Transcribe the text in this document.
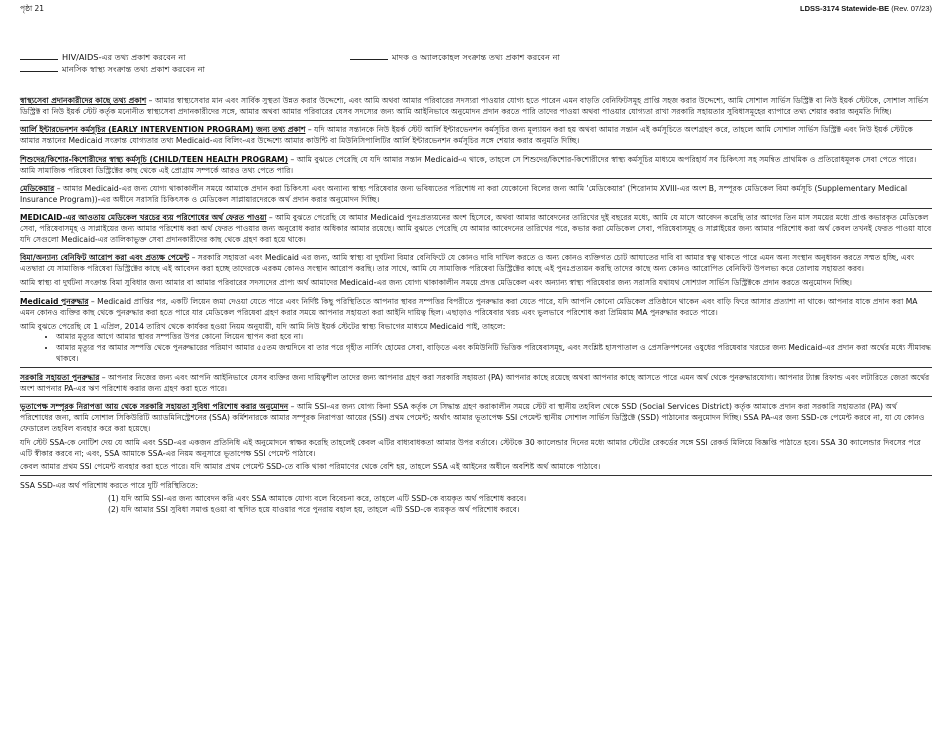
পৃষ্ঠা 21	LDSS-3174 Statewide-BE (Rev. 07/23)
HIV/AIDS-এর তথ্য প্রকাশ করবেন না	মাদক ও অ্যালকোহল সংক্রান্ত তথ্য প্রকাশ করবেন না
মানসিক স্বাস্থ্য সংক্রান্ত তথ্য প্রকাশ করবেন না

স্বাস্থ্যসেবা প্রদানকারীদের কাছে তথ্য প্রকাশ – আমার স্বাস্থ্যসেবার মান এবং সার্বিক সুস্থতা উন্নত করার উদ্দেশ্যে, এবং আমি অথবা আমার পরিবারের সদস্যরা পাওয়ার যোগ্য হতে পারেন এমন বাড়তি বেনিফিটসমূহ প্রাপ্তি সহজ করার উদ্দেশ্যে, আমি সোশাল সার্ভিস ডিস্ট্রিক্ট বা নিউ ইয়র্ক স্টেটকে, সোশাল সার্ভিস ডিস্ট্রিক্ট বা নিউ ইয়র্ক স্টেট কর্তৃক মনোনীত স্বাস্থ্যসেবা প্রদানকারীদের সঙ্গে, আমার অথবা আমার পরিবারের যেসব সদস্যের জন্য আমি আইনিভাবে অনুমোদন প্রদান করতে পারি তাদের পাওয়া অথবা পাওয়ার যোগ্যতা রাখা সরকারি সহায়তার সুবিধাসমূহের ব্যাপারে তথ্য শেয়ার করার অনুমতি দিচ্ছি।

আর্লি ইন্টারভেনশন কর্মসূচির (EARLY INTERVENTION PROGRAM) জন্য তথ্য প্রকাশ – যদি আমার সন্তানকে নিউ ইয়র্ক স্টেট আর্লি ইন্টারভেনশন কর্মসূচির জন্য মূল্যায়ন করা হয় অথবা আমার সন্তান এই কর্মসূচিতে অংশগ্রহণ করে, তাহলে আমি সোশাল সার্ভিস ডিস্ট্রিক্ট এবং নিউ ইয়র্ক স্টেটকে আমার সন্তানের Medicaid সংক্রান্ত যোগ্যতার তথ্য Medicaid-এর বিলিং-এর উদ্দেশ্যে আমার কাউন্টি বা মিউনিসিপালিটির আর্লি ইন্টারভেনশন কর্মসূচির সঙ্গে শেয়ার করার অনুমতি দিচ্ছি।

শিশুদের/কিশোর-কিশোরীদের স্বাস্থ্য কর্মসূচি (CHILD/TEEN HEALTH PROGRAM) – আমি বুঝতে পেরেছি যে যদি আমার সন্তান Medicaid-এ থাকে, তাহলে সে শিশুদের/কিশোর-কিশোরীদের স্বাস্থ্য কর্মসূচির মাধ্যমে অপরিহার্য সব চিকিৎসা সহ সমন্বিত প্রাথমিক ও প্রতিরোধমূলক সেবা পেতে পারে। আমি সামাজিক পরিষেবা ডিস্ট্রিক্টের কাছ থেকে এই প্রোগ্রাম সম্পর্কে আরও তথ্য পেতে পারি।

মেডিকেয়ার – আমার Medicaid-এর জন্য যোগ্য থাকাকালীন সময়ে আমাকে প্রদান করা চিকিৎসা এবং অন্যান্য স্বাস্থ্য পরিষেবার জন্য ভবিষ্যতের পরিশোধ না করা যেকোনো বিলের জন্য আমি 'মেডিকেয়ার' (শিরোনাম XVIII-এর অংশ B, সম্পূরক মেডিকেল বিমা কর্মসূচি (Supplementary Medical Insurance Program))-এর অধীনে সরাসরি চিকিৎসক ও মেডিকেল সাপ্লায়ারদেরকে অর্থ প্রদান করার অনুমোদন দিচ্ছি।

MEDICAID-এর আওতায় মেডিকেল খরচের ব্যয় পরিশোধের অর্থ ফেরত পাওয়া – আমি বুঝতে পেরেছি যে আমার Medicaid পুনঃপ্রত্যয়নের অংশ হিসেবে, অথবা আমার আবেদনের তারিখের দুই বছরের মধ্যে, আমি যে মাসে আবেদন করেছি তার আগের তিন মাস সময়ের মধ্যে প্রাপ্ত কভারকৃত মেডিকেল সেবা, পরিষেবাসমূহ ও সাপ্লাইয়ের জন্য আমার পরিশোধ করা অর্থ ফেরত পাওয়ার জন্য অনুরোধ করার অধিকার আমার রয়েছে। আমি বুঝতে পেরেছি যে আমার আবেদনের তারিখের পরে, কভার করা মেডিকেল সেবা, পরিষেবাসমূহ ও সাপ্লাইয়ের জন্য আমার পরিশোধ করা অর্থ কেবল তখনই ফেরত পাওয়া যাবে যদি সেগুলো Medicaid-এর তালিকাভুক্ত সেবা প্রদানকারীদের কাছ থেকে গ্রহণ করা হয়ে থাকে।

বিমা/অন্যান্য বেনিফিট আরোপ করা এবং প্রত্যক্ষ পেমেন্ট – সরকারি সহায়তা এবং Medicaid এর জন্য, আমি স্বাস্থ্য বা দুর্ঘটনা বিমার বেনিফিটে যে কোনও দাবি দাখিল করতে ও অন্য কোনও ব্যক্তিগত চোট আঘাতের দাবি বা আমার স্বত্ব থাকতে পারে এমন অন্য সংস্থান অনুধাবন করতে সম্মত হচ্ছি, এবং এতদ্বারা যে সামাজিক পরিষেবা ডিস্ট্রিক্টের কাছে এই আবেদন করা হচ্ছে তাদেরকে এরকম কোনও সংস্থান আরোপ করছি। তার সাথে, আমি যে সামাজিক পরিষেবা ডিস্ট্রিক্টের কাছে এই পুনঃপ্রত্যয়ন করছি তাদের কাছে অন্য কোনও আরোপিত বেনিফিট উপলভ্য করে তোলায় সহায়তা করব।

আমি স্বাস্থ্য বা দুর্ঘটনা সংক্রান্ত বিমা সুবিধার জন্য আমার বা আমার পরিবারের সদস্যদের প্রাপ্য অর্থ আমাদের Medicaid-এর জন্য যোগ্য থাকাকালীন সময়ে প্রদত্ত মেডিকেল এবং অন্যান্য স্বাস্থ্য পরিষেবার জন্য সরাসরি যথাযথ সোশ্যাল সার্ভিস ডিস্ট্রিক্টকে প্রদান করতে অনুমোদন দিচ্ছি।

Medicaid পুনরুদ্ধার – Medicaid প্রাপ্তির পর, একটি লিয়েন জমা দেওয়া যেতে পারে এবং নির্দিষ্ট কিছু পরিস্থিতিতে আপনার স্থাবর সম্পত্তির বিপরীতে পুনরুদ্ধার করা যেতে পারে, যদি আপনি কোনো মেডিকেল প্রতিষ্ঠানে থাকেন এবং বাড়ি ফিরে আসার প্রত্যাশা না থাকে। আপনার যাকে প্রদান করা MA এমন কোনও ব্যক্তির কাছ থেকে পুনরুদ্ধার করা হতে পারে যার মেডিকেল পরিষেবা গ্রহণ করার সময়ে আপনার সহায়তা করা আইনি দায়িত্ব ছিল। এছাড়াও পরিষেবার খরচ এবং ভুলভাবে পরিশোধ করা প্রিমিয়াম MA পুনরুদ্ধার করতে পারে।

আমি বুঝতে পেরেছি যে 1 এপ্রিল, 2014 তারিখ থেকে কার্যকর হওয়া নিয়ম অনুযায়ী, যদি আমি নিউ ইয়র্ক স্টেটের স্বাস্থ্য বিভাগের মাধ্যমে Medicaid পাই, তাহলে:

• আমার মৃত্যুর আগে আমার স্থাবর সম্পত্তির উপর কোনো লিয়েন স্থাপন করা হবে না।
• আমার মৃত্যুর পর আমার সম্পত্তি থেকে পুনরুদ্ধারের পরিমাণ আমার ৫৫তম জন্মদিনে বা তার পরে গৃহীত নার্সিং হোমের সেবা, বাড়িতে এবং কমিউনিটি ভিত্তিক পরিষেবাসমূহ, এবং সংশ্লিষ্ট হাসপাতাল ও প্রেসক্রিপশনের ওষুধের পরিষেবার খরচের জন্য Medicaid-এর প্রদান করা অর্থের মধ্যে সীমাবদ্ধ থাকবে।

সরকারি সহায়তা পুনরুদ্ধার – আপনার নিজের জন্য এবং আপনি আইনিভাবে যেসব ব্যক্তির জন্য দায়িত্বশীল তাদের জন্য আপনার গ্রহণ করা সরকারি সহায়তা (PA) আপনার কাছে রয়েছে অথবা আপনার কাছে আসতে পারে এমন অর্থ থেকে পুনরুদ্ধারযোগ্য। আপনার ট্যাক্স রিফান্ড এবং লটারিতে জেতা অর্থের অংশ আপনার PA-এর ঋণ পরিশোধ করার জন্য গ্রহণ করা হতে পারে।

ভূতাপেক্ষ সম্পূরক নিরাপত্তা আয় থেকে সরকারি সহায়তা সুবিধা পরিশোধ করার অনুমোদন – আমি SSI-এর জন্য যোগ্য কিনা SSA কর্তৃক সে সিদ্ধান্ত গ্রহণ করাকালীন সময়ে স্টেট বা স্থানীয় তহবিল থেকে SSD (Social Services District) কর্তৃক আমাকে প্রদান করা সরকারি সহায়তার (PA) অর্থ পরিশোধের জন্য, আমি সোশাল সিকিউরিটি অ্যাডমিনিস্ট্রেশনের (SSA) কর্মিশনারকে আমার সম্পূরক নিরাপত্তা আয়ের (SSI) প্রথম পেমেন্ট; অর্থাৎ আমার ভূতাপেক্ষ SSI পেমেন্ট স্থানীয় সোশাল সার্ভিস ডিস্ট্রিক্টে (SSD) পাঠানোর অনুমোদন দিচ্ছি। SSA PA-এর জন্য SSD-কে পেমেন্ট করবে না, যা যে কোনও ফেডারেল তহবিল ব্যবহার করে করা হয়েছে।

যদি স্টেট SSA-কে নোটিশ দেয় যে আমি এবং SSD-এর একজন প্রতিনিধি এই অনুমোদনে স্বাক্ষর করেছি তাহলেই কেবল এটির বাধ্যবাধকতা আমার উপর বর্তাবে। স্টেটকে 30 ক্যালেন্ডার দিনের মধ্যে আমার স্টেটের রেকর্ডের সঙ্গে SSI রেকর্ড মিলিয়ে বিজ্ঞপ্তি পাঠাতে হবে। SSA 30 ক্যালেন্ডার দিবসের পরে এটি স্বীকার করবে না; এবং, SSA আমাকে SSA-এর নিয়ম অনুসারে ভূতাপেক্ষ SSI পেমেন্ট পাঠাবে।

কেবল আমার প্রথম SSI পেমেন্ট ব্যবহার করা হতে পারে। যদি আমার প্রথম পেমেন্ট SSD-তে বাকি থাকা পরিমাণের থেকে বেশি হয়, তাহলে SSA এই আইনের অধীনে অবশিষ্ট অর্থ আমাকে পাঠাবে।

SSA SSD-এর অর্থ পরিশোধ করতে পারে দুটি পরিস্থিতিতে:

(1) যদি আমি SSI-এর জন্য আবেদন করি এবং SSA আমাকে যোগ্য বলে বিবেচনা করে, তাহলে এটি SSD-কে ব্যয়কৃত অর্থ পরিশোধ করবে।
(2) যদি আমার SSI সুবিধা সমাপ্ত হওয়া বা স্থগিত হয়ে যাওয়ার পরে পুনরায় বহাল হয়, তাহলে এটি SSD-কে ব্যয়কৃত অর্থ পরিশোধ করবে।
